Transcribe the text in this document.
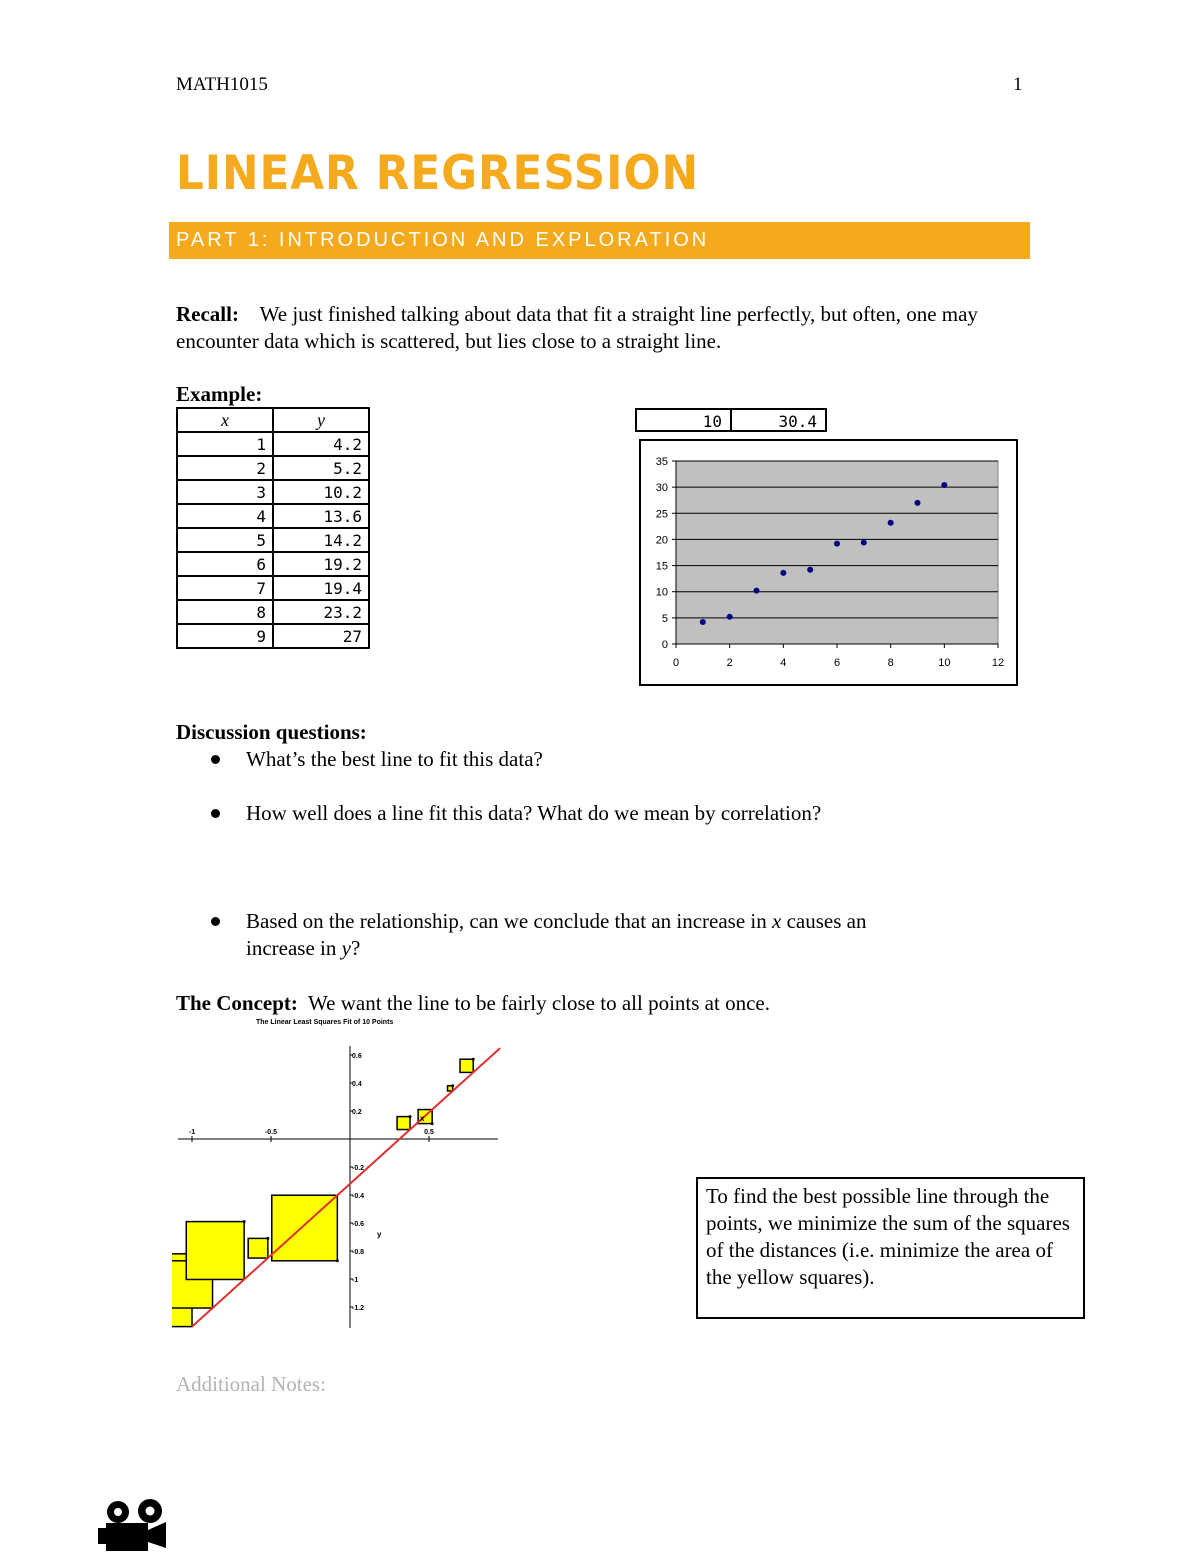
MATH1015	1
LINEAR REGRESSION
PART 1: INTRODUCTION AND EXPLORATION
Recall: We just finished talking about data that fit a straight line perfectly, but often, one may encounter data which is scattered, but lies close to a straight line.
Example:
x	y
1	4.2
2	5.2
3	10.2
4	13.6
5	14.2
6	19.2
7	19.4
8	23.2
9	27
10	30.4
0
5
10
15
20
25
30
35
0	2	4	6	8	10	12
Discussion questions:
What’s the best line to fit this data?
How well does a line fit this data? What do we mean by correlation?
Based on the relationship, can we conclude that an increase in x causes an increase in y?
The Concept: We want the line to be fairly close to all points at once.
The Linear Least Squares Fit of 10 Points
-1	-0.5	0.5
0.6
0.4
0.2
-0.2
-0.4
-0.6
-0.8
-1
-1.2
x
y
To find the best possible line through the points, we minimize the sum of the squares of the distances (i.e. minimize the area of the yellow squares).
Additional Notes:
